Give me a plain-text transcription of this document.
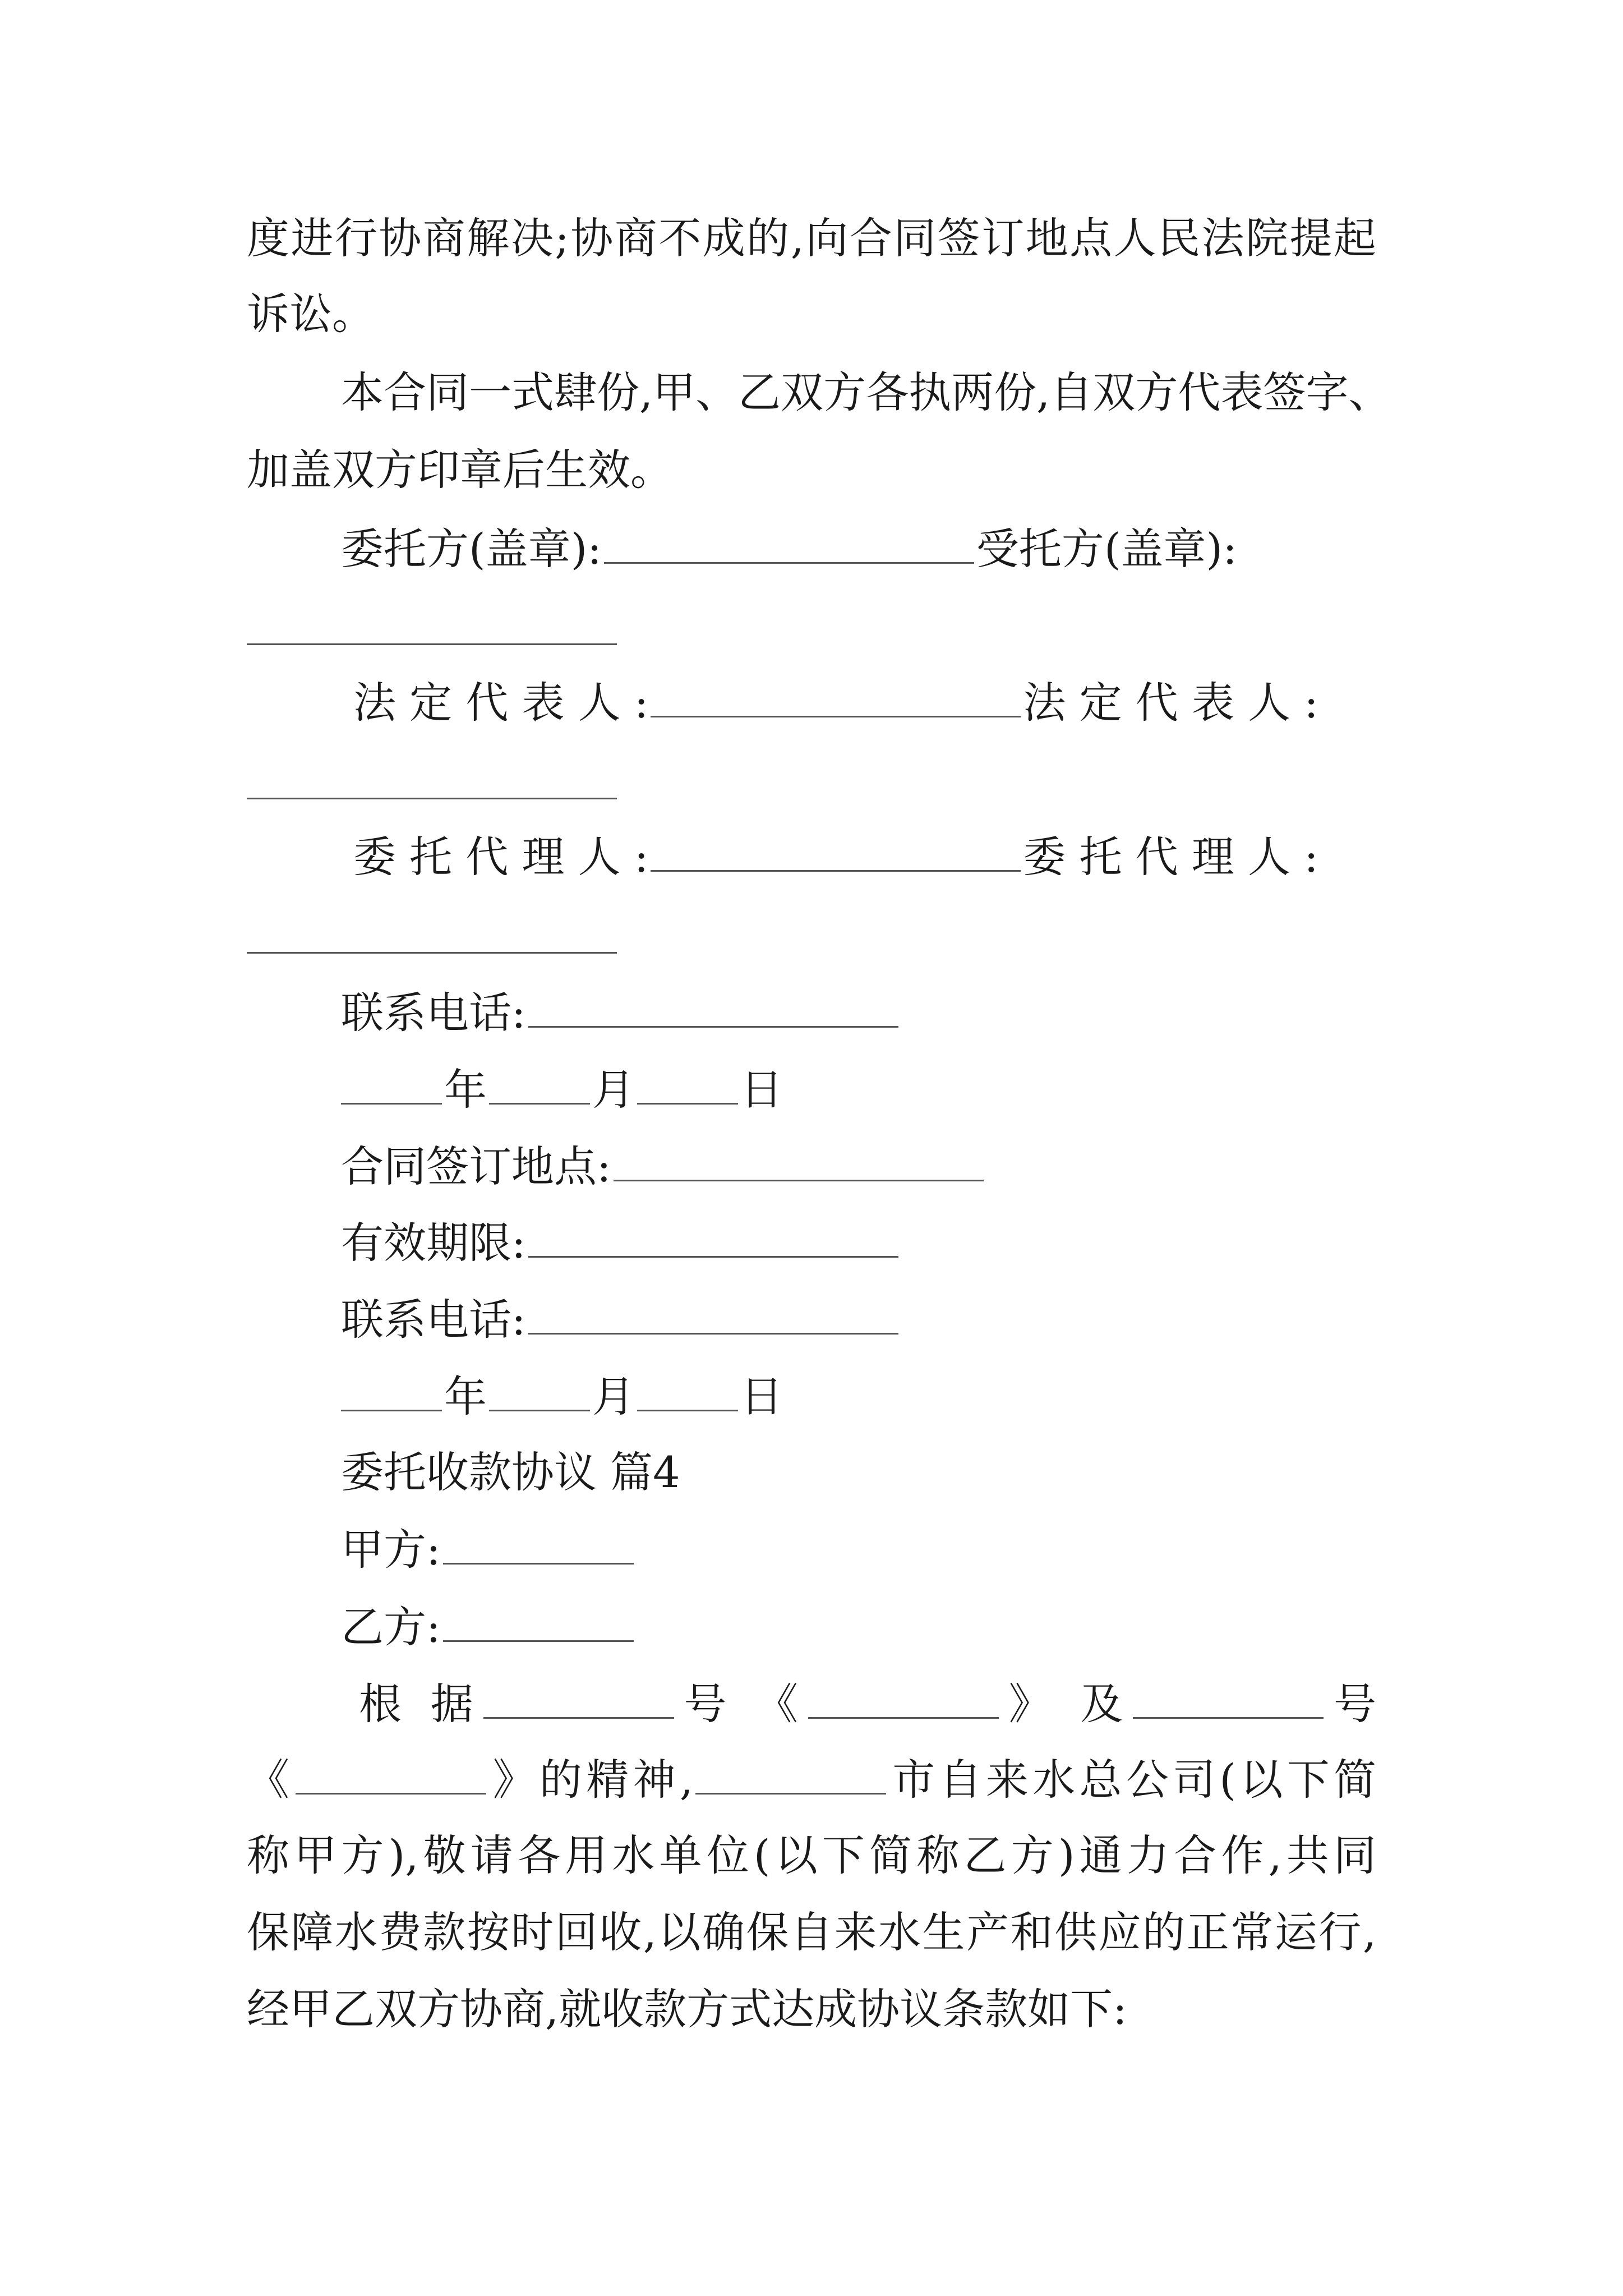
度进行协商解决;协商不成的,向合同签订地点人民法院提起
诉讼。
本合同一式肆份,甲、乙双方各执两份,自双方代表签字、
加盖双方印章后生效。
委托方(盖章):	受托方(盖章):
法 定 代 表 人 :	法 定 代 表 人 :
委 托 代 理 人 :	委 托 代 理 人 :
联系电话:
年 月 日
合同签订地点:
有效期限:
联系电话:
年 月 日
委托收款协议 篇4
甲方:
乙方:
根 据	号 《	》 及	号
《	》的精神,	市自来水总公司(以下简
称甲方),敬请各用水单位(以下简称乙方)通力合作,共同
保障水费款按时回收,以确保自来水生产和供应的正常运行,
经甲乙双方协商,就收款方式达成协议条款如下:
